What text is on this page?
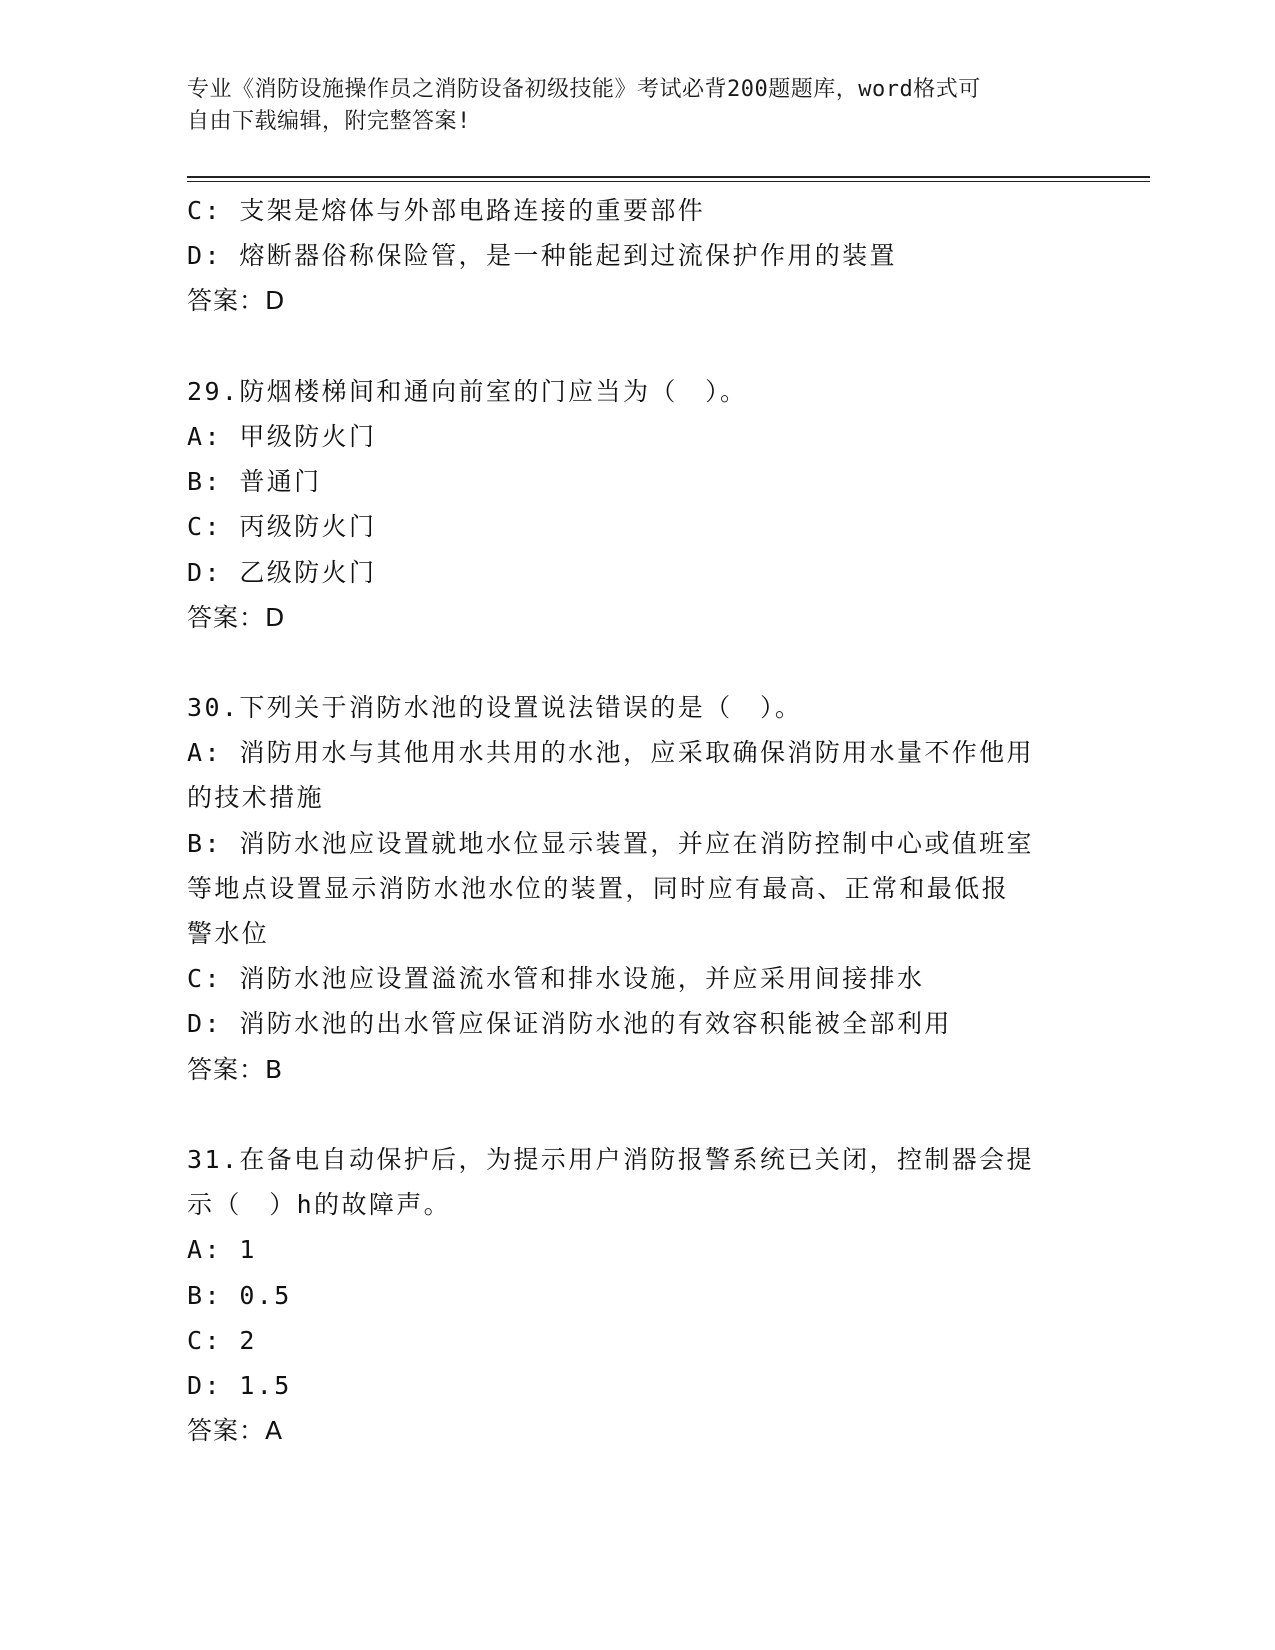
专业《消防设施操作员之消防设备初级技能》考试必背200题题库，word格式可
自由下载编辑，附完整答案!
C: 支架是熔体与外部电路连接的重要部件
D: 熔断器俗称保险管，是一种能起到过流保护作用的装置
答案：D
29.防烟楼梯间和通向前室的门应当为（　）。
A: 甲级防火门
B: 普通门
C: 丙级防火门
D: 乙级防火门
答案：D
30.下列关于消防水池的设置说法错误的是（　）。
A: 消防用水与其他用水共用的水池，应采取确保消防用水量不作他用
的技术措施
B: 消防水池应设置就地水位显示装置，并应在消防控制中心或值班室
等地点设置显示消防水池水位的装置，同时应有最高、正常和最低报
警水位
C: 消防水池应设置溢流水管和排水设施，并应采用间接排水
D: 消防水池的出水管应保证消防水池的有效容积能被全部利用
答案：B
31.在备电自动保护后，为提示用户消防报警系统已关闭，控制器会提
示（　）h的故障声。
A: 1
B: 0.5
C: 2
D: 1.5
答案：A
